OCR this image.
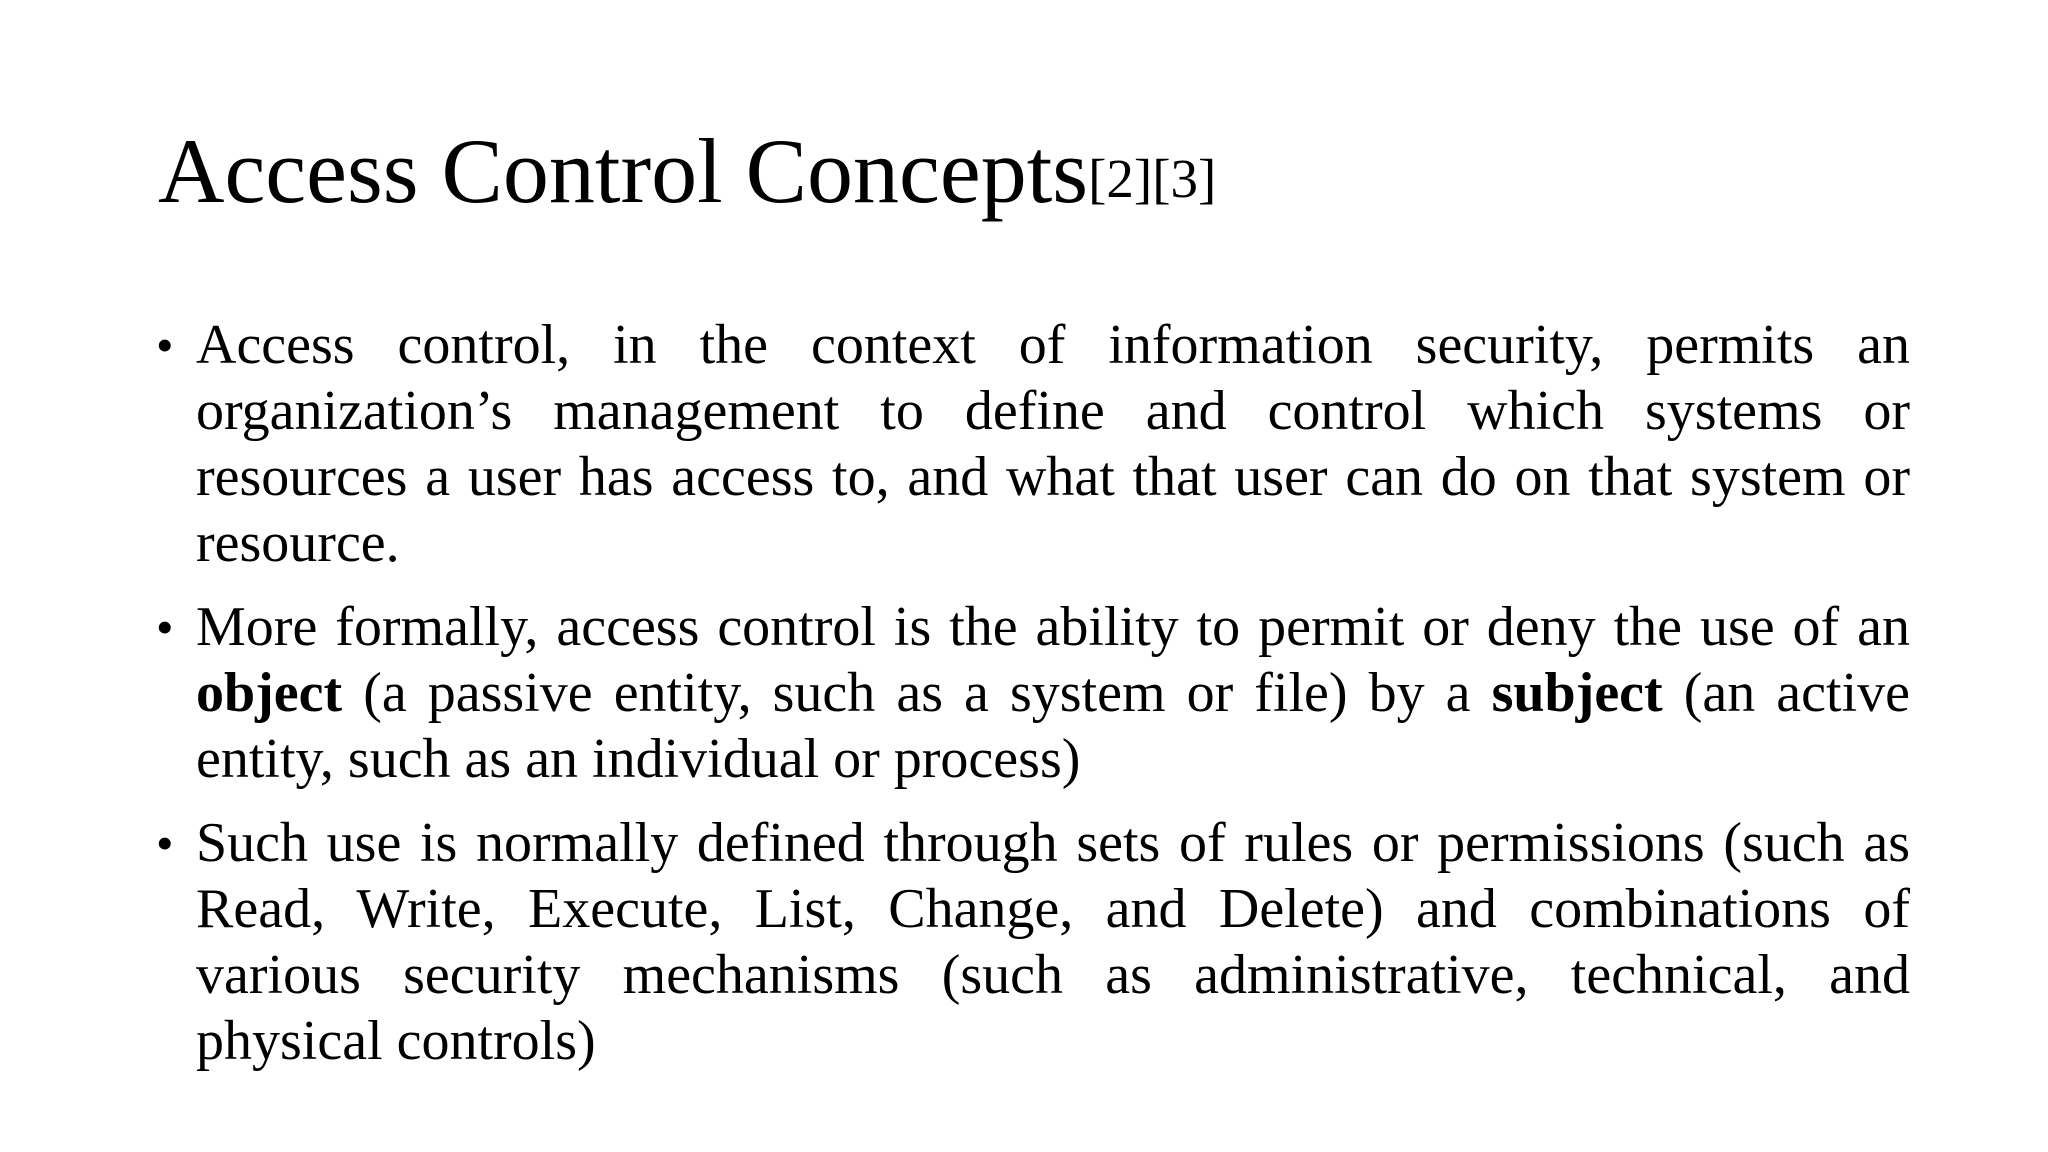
Access Control Concepts[2][3]
• Access control, in the context of information security, permits an organization’s management to define and control which systems or resources a user has access to, and what that user can do on that system or resource.
• More formally, access control is the ability to permit or deny the use of an object (a passive entity, such as a system or file) by a subject (an active entity, such as an individual or process)
• Such use is normally defined through sets of rules or permissions (such as Read, Write, Execute, List, Change, and Delete) and combinations of various security mechanisms (such as administrative, technical, and physical controls)
